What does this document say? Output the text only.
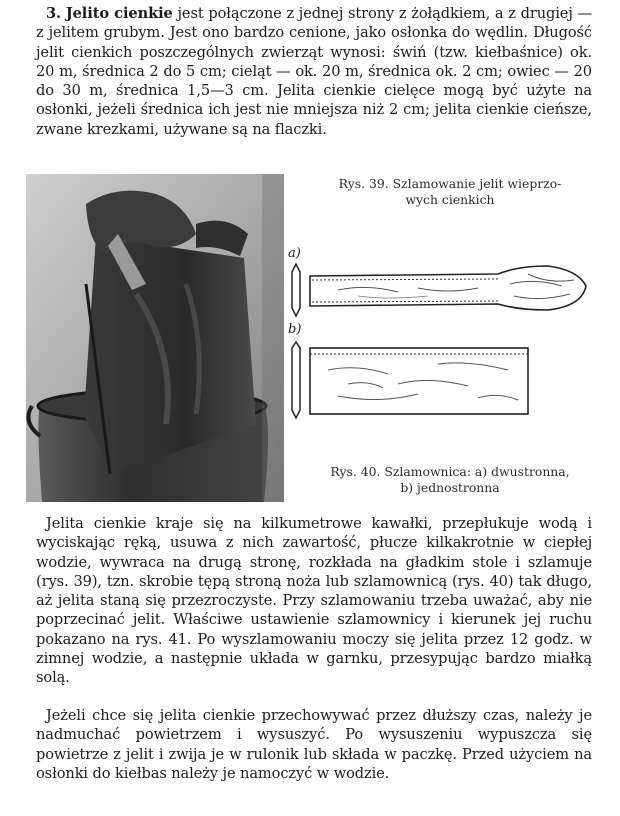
3. Jelito cienkie jest połączone z jednej strony z żołądkiem, a z drugiej — z jelitem grubym. Jest ono bardzo cenione, jako osłonka do wędlin. Długość jelit cienkich poszczególnych zwierząt wynosi: świń (tzw. kiełbaśnice) ok. 20 m, średnica 2 do 5 cm; cieląt — ok. 20 m, średnica ok. 2 cm; owiec — 20 do 30 m, średnica 1,5—3 cm. Jelita cienkie cielęce mogą być użyte na osłonki, jeżeli średnica ich jest nie mniejsza niż 2 cm; jelita cienkie cieńsze, zwane krezkami, używane są na flaczki.

Rys. 39. Szlamowanie jelit wieprzo-
wych cienkich
a)
b)
Rys. 40. Szlamownica: a) dwustronna,
b) jednostronna

Jelita cienkie kraje się na kilkumetrowe kawałki, przepłukuje wodą i wyciskając ręką, usuwa z nich zawartość, płucze kilkakrotnie w ciepłej wodzie, wywraca na drugą stronę, rozkłada na gładkim stole i szlamuje (rys. 39), tzn. skrobie tępą stroną noża lub szlamownicą (rys. 40) tak długo, aż jelita staną się przezroczyste. Przy szlamowaniu trzeba uważać, aby nie poprzecinać jelit. Właściwe ustawienie szlamownicy i kierunek jej ruchu pokazano na rys. 41. Po wyszlamowaniu moczy się jelita przez 12 godz. w zimnej wodzie, a następnie układa w garnku, przesypując bardzo miałką solą.

Jeżeli chce się jelita cienkie przechowywać przez dłuższy czas, należy je nadmuchać powietrzem i wysuszyć. Po wysuszeniu wypuszcza się powietrze z jelit i zwija je w rulonik lub składa w paczkę. Przed użyciem na osłonki do kiełbas należy je namoczyć w wodzie.
